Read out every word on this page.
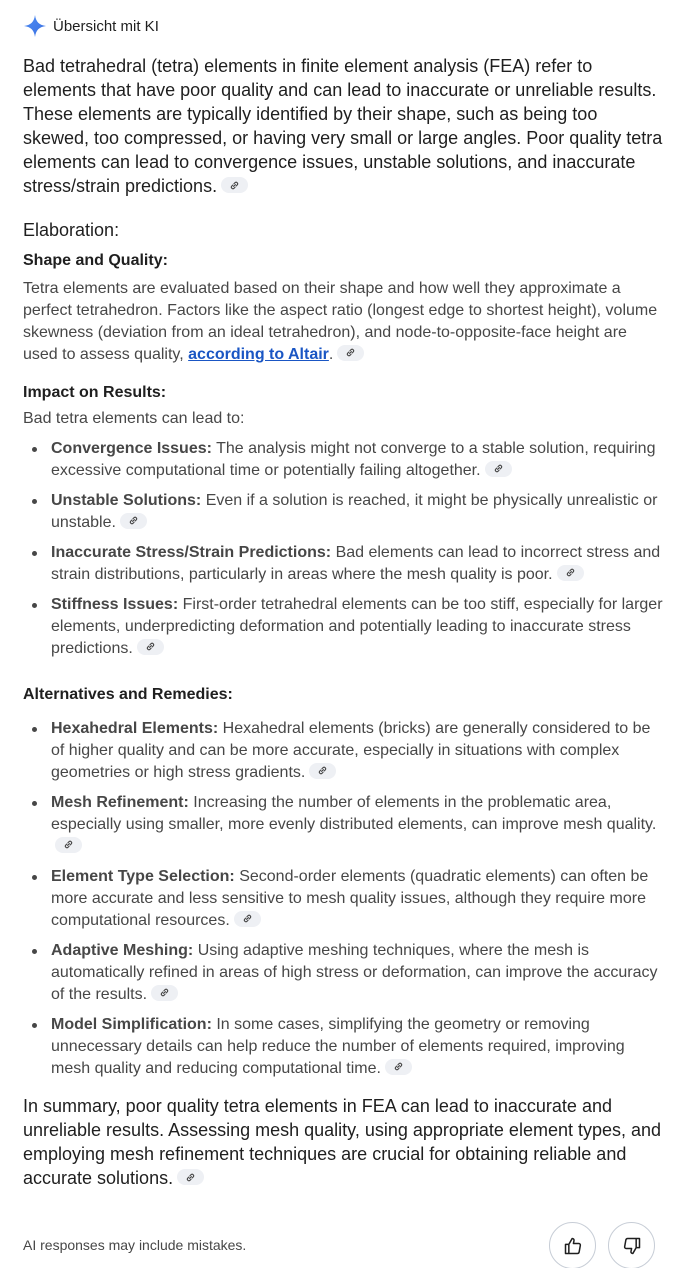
Übersicht mit KI

Bad tetrahedral (tetra) elements in finite element analysis (FEA) refer to elements that have poor quality and can lead to inaccurate or unreliable results. These elements are typically identified by their shape, such as being too skewed, too compressed, or having very small or large angles. Poor quality tetra elements can lead to convergence issues, unstable solutions, and inaccurate stress/strain predictions.

Elaboration:

Shape and Quality:

Tetra elements are evaluated based on their shape and how well they approximate a perfect tetrahedron. Factors like the aspect ratio (longest edge to shortest height), volume skewness (deviation from an ideal tetrahedron), and node-to-opposite-face height are used to assess quality, according to Altair.

Impact on Results:

Bad tetra elements can lead to:

Convergence Issues: The analysis might not converge to a stable solution, requiring excessive computational time or potentially failing altogether.
Unstable Solutions: Even if a solution is reached, it might be physically unrealistic or unstable.
Inaccurate Stress/Strain Predictions: Bad elements can lead to incorrect stress and strain distributions, particularly in areas where the mesh quality is poor.
Stiffness Issues: First-order tetrahedral elements can be too stiff, especially for larger elements, underpredicting deformation and potentially leading to inaccurate stress predictions.

Alternatives and Remedies:

Hexahedral Elements: Hexahedral elements (bricks) are generally considered to be of higher quality and can be more accurate, especially in situations with complex geometries or high stress gradients.
Mesh Refinement: Increasing the number of elements in the problematic area, especially using smaller, more evenly distributed elements, can improve mesh quality.
Element Type Selection: Second-order elements (quadratic elements) can often be more accurate and less sensitive to mesh quality issues, although they require more computational resources.
Adaptive Meshing: Using adaptive meshing techniques, where the mesh is automatically refined in areas of high stress or deformation, can improve the accuracy of the results.
Model Simplification: In some cases, simplifying the geometry or removing unnecessary details can help reduce the number of elements required, improving mesh quality and reducing computational time.

In summary, poor quality tetra elements in FEA can lead to inaccurate and unreliable results. Assessing mesh quality, using appropriate element types, and employing mesh refinement techniques are crucial for obtaining reliable and accurate solutions.

AI responses may include mistakes.
